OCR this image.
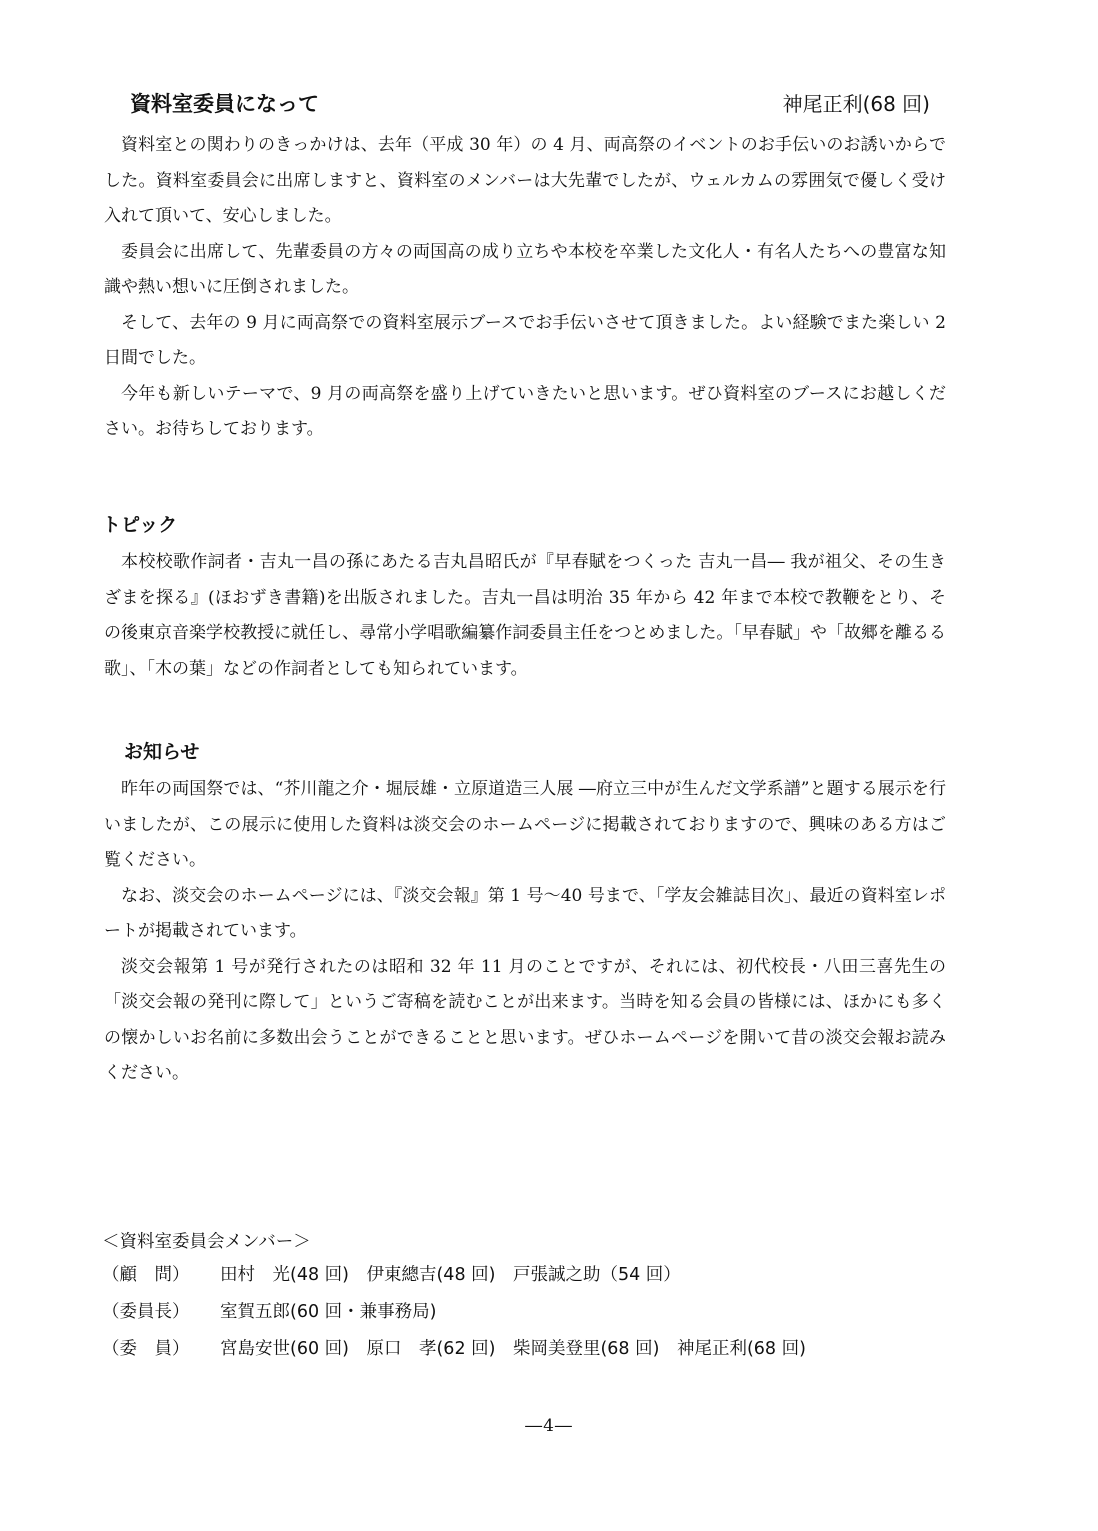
資料室委員になって	神尾正利(68 回)

資料室との関わりのきっかけは、去年（平成 30 年）の 4 月、両高祭のイベントのお手伝いのお誘いからでした。資料室委員会に出席しますと、資料室のメンバーは大先輩でしたが、ウェルカムの雰囲気で優しく受け入れて頂いて、安心しました。

委員会に出席して、先輩委員の方々の両国高の成り立ちや本校を卒業した文化人・有名人たちへの豊富な知識や熱い想いに圧倒されました。

そして、去年の 9 月に両高祭での資料室展示ブースでお手伝いさせて頂きました。よい経験でまた楽しい 2 日間でした。

今年も新しいテーマで、9 月の両高祭を盛り上げていきたいと思います。ぜひ資料室のブースにお越しください。お待ちしております。

トピック

本校校歌作詞者・吉丸一昌の孫にあたる吉丸昌昭氏が『早春賦をつくった 吉丸一昌― 我が祖父、その生きざまを探る』(ほおずき書籍)を出版されました。吉丸一昌は明治 35 年から 42 年まで本校で教鞭をとり、その後東京音楽学校教授に就任し、尋常小学唱歌編纂作詞委員主任をつとめました。「早春賦」や「故郷を離るる歌」、「木の葉」などの作詞者としても知られています。

お知らせ

昨年の両国祭では、“芥川龍之介・堀辰雄・立原道造三人展 ―府立三中が生んだ文学系譜”と題する展示を行いましたが、この展示に使用した資料は淡交会のホームページに掲載されておりますので、興味のある方はご覧ください。

なお、淡交会のホームページには、『淡交会報』第 1 号～40 号まで、「学友会雑誌目次」、最近の資料室レポートが掲載されています。

淡交会報第 1 号が発行されたのは昭和 32 年 11 月のことですが、それには、初代校長・八田三喜先生の「淡交会報の発刊に際して」というご寄稿を読むことが出来ます。当時を知る会員の皆様には、ほかにも多くの懐かしいお名前に多数出会うことができることと思います。ぜひホームページを開いて昔の淡交会報お読みください。

＜資料室委員会メンバー＞
（顧　問）	田村　光(48 回)　伊東總吉(48 回)　戸張誠之助（54 回）
（委員長）	室賀五郎(60 回・兼事務局)
（委　員）	宮島安世(60 回)　原口　孝(62 回)　柴岡美登里(68 回)　神尾正利(68 回)
―4―
